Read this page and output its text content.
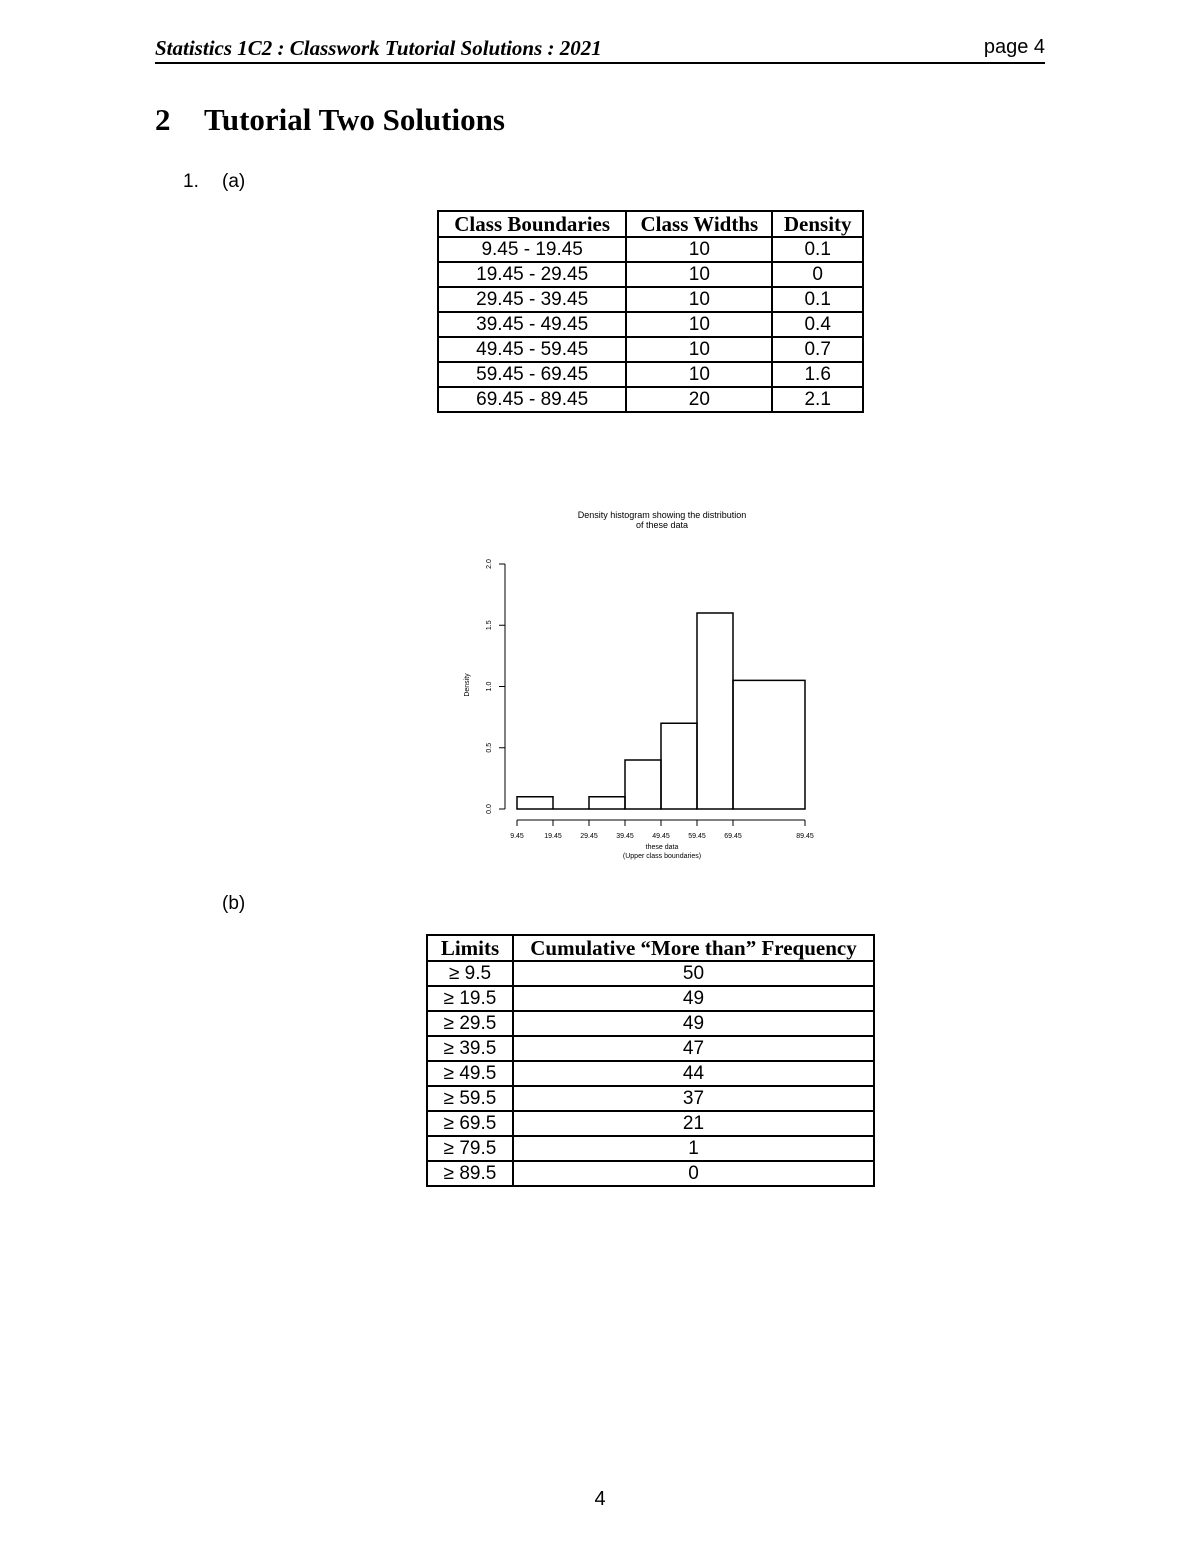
Statistics 1C2 : Classwork Tutorial Solutions : 2021	page 4
2 Tutorial Two Solutions
1. (a)
Class Boundaries	Class Widths	Density
9.45 - 19.45	10	0.1
19.45 - 29.45	10	0
29.45 - 39.45	10	0.1
39.45 - 49.45	10	0.4
49.45 - 59.45	10	0.7
59.45 - 69.45	10	1.6
69.45 - 89.45	20	2.1
Density histogram showing the distribution
of these data
Density
these data
(Upper class boundaries)
0.0
0.5
1.0
1.5
2.0
9.45	19.45	29.45	39.45	49.45	59.45	69.45	89.45
(b)
Limits	Cumulative “More than” Frequency
≥ 9.5	50
≥ 19.5	49
≥ 29.5	49
≥ 39.5	47
≥ 49.5	44
≥ 59.5	37
≥ 69.5	21
≥ 79.5	1
≥ 89.5	0
4
